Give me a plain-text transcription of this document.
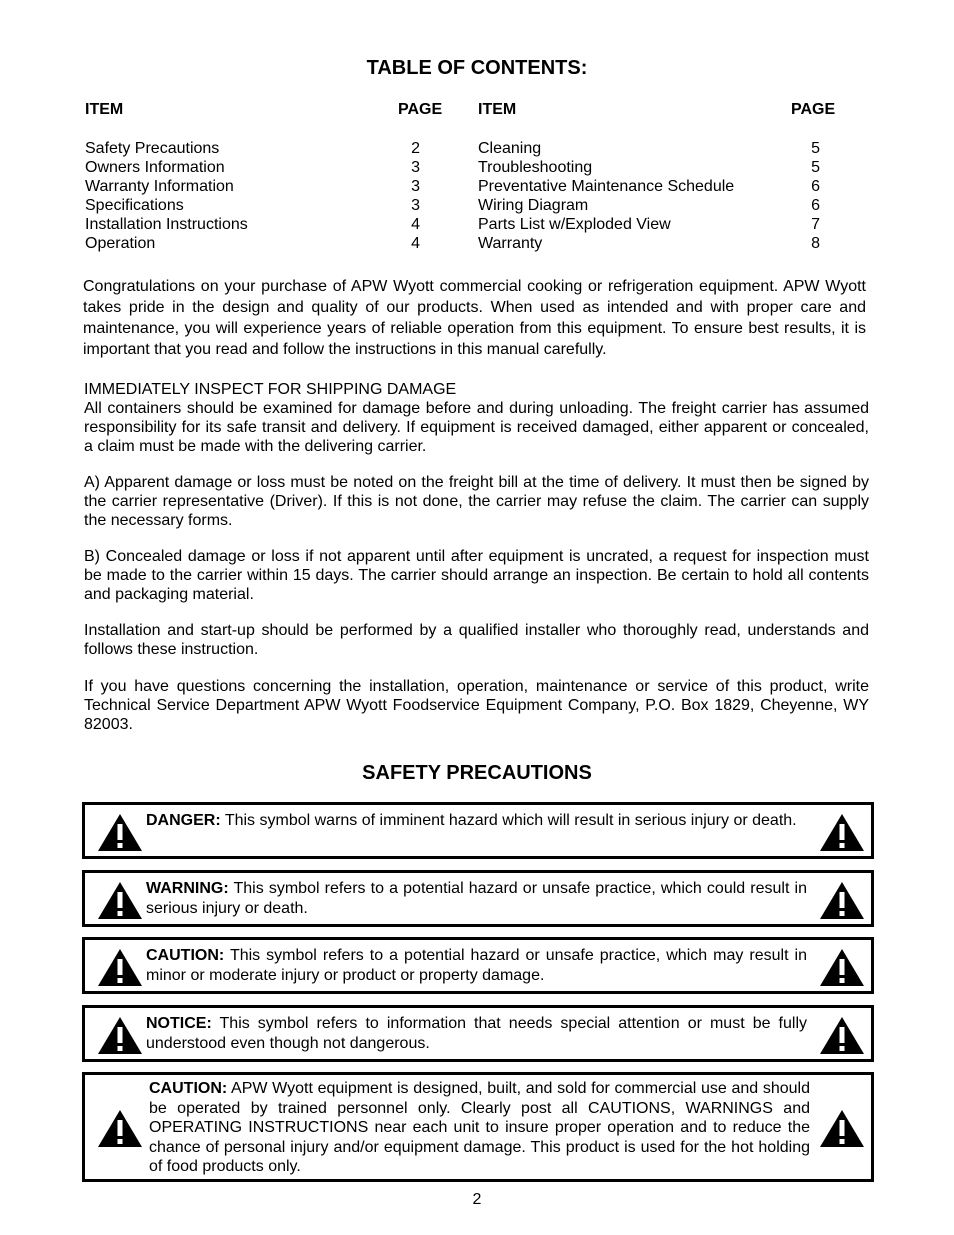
TABLE OF CONTENTS:
ITEM	PAGE
Safety Precautions	2
Owners Information	3
Warranty Information	3
Specifications	3
Installation Instructions	4
Operation	4
ITEM	PAGE
Cleaning	5
Troubleshooting	5
Preventative Maintenance Schedule	6
Wiring Diagram	6
Parts List w/Exploded View	7
Warranty	8
Congratulations on your purchase of APW Wyott commercial cooking or refrigeration equipment. APW Wyott takes pride in the design and quality of our products. When used as intended and with proper care and maintenance, you will experience years of reliable operation from this equipment. To ensure best results, it is important that you read and follow the instructions in this manual carefully.
IMMEDIATELY INSPECT FOR SHIPPING DAMAGE
All containers should be examined for damage before and during unloading. The freight carrier has assumed responsibility for its safe transit and delivery. If equipment is received damaged, either apparent or concealed, a claim must be made with the delivering carrier.
A) Apparent damage or loss must be noted on the freight bill at the time of delivery. It must then be signed by the carrier representative (Driver). If this is not done, the carrier may refuse the claim. The carrier can supply the necessary forms.
B) Concealed damage or loss if not apparent until after equipment is uncrated, a request for inspection must be made to the carrier within 15 days. The carrier should arrange an inspection. Be certain to hold all contents and packaging material.
Installation and start-up should be performed by a qualified installer who thoroughly read, understands and follows these instruction.
If you have questions concerning the installation, operation, maintenance or service of this product, write Technical Service Department APW Wyott Foodservice Equipment Company, P.O. Box 1829, Cheyenne, WY 82003.
SAFETY PRECAUTIONS
DANGER: This symbol warns of imminent hazard which will result in serious injury or death.
WARNING: This symbol refers to a potential hazard or unsafe practice, which could result in serious injury or death.
CAUTION: This symbol refers to a potential hazard or unsafe practice, which may result in minor or moderate injury or product or property damage.
NOTICE: This symbol refers to information that needs special attention or must be fully understood even though not dangerous.
CAUTION: APW Wyott equipment is designed, built, and sold for commercial use and should be operated by trained personnel only. Clearly post all CAUTIONS, WARNINGS and OPERATING INSTRUCTIONS near each unit to insure proper operation and to reduce the chance of personal injury and/or equipment damage. This product is used for the hot holding of food products only.
2
